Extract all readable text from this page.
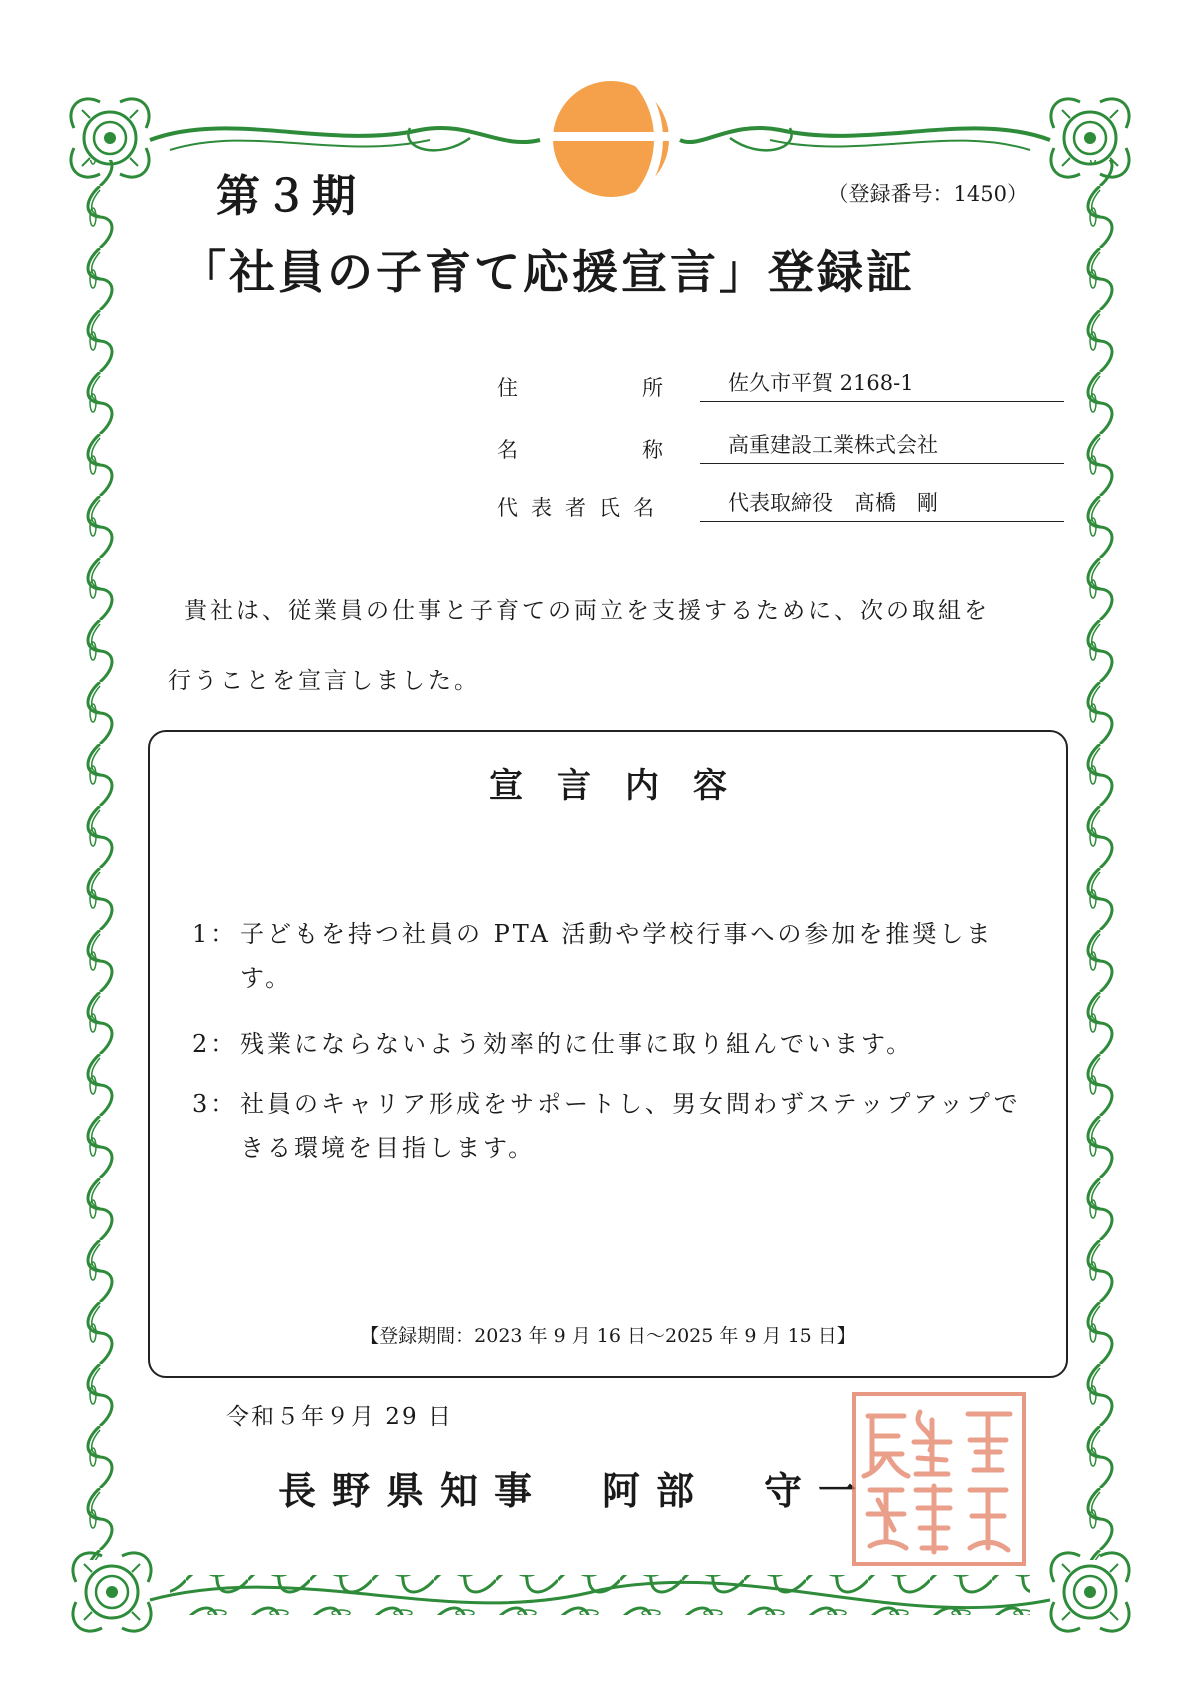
第３期	（登録番号：1450）
「社員の子育て応援宣言」登録証
住	所	佐久市平賀 2168-1
名	称	高重建設工業株式会社
代表者氏名	代表取締役　髙橋　剛
貴社は、従業員の仕事と子育ての両立を支援するために、次の取組を
行うことを宣言しました。
宣言内容
1： 子どもを持つ社員の PTA 活動や学校行事への参加を推奨します。
2： 残業にならないよう効率的に仕事に取り組んでいます。
3： 社員のキャリア形成をサポートし、男女問わずステップアップできる環境を目指します。
【登録期間：2023 年 9 月 16 日～2025 年 9 月 15 日】
令和５年９月 29 日
長野県知事　阿部　守一
